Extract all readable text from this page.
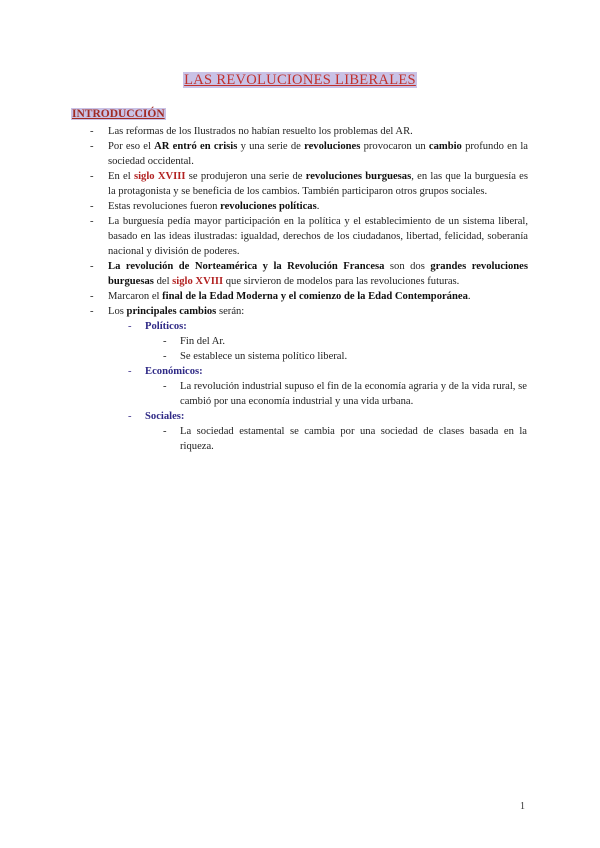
LAS REVOLUCIONES LIBERALES
INTRODUCCIÓN
- Las reformas de los Ilustrados no habían resuelto los problemas del AR.
- Por eso el AR entró en crisis y una serie de revoluciones provocaron un cambio profundo en la sociedad occidental.
- En el siglo XVIII se produjeron una serie de revoluciones burguesas, en las que la burguesía es la protagonista y se beneficia de los cambios. También participaron otros grupos sociales.
- Estas revoluciones fueron revoluciones políticas.
- La burguesía pedía mayor participación en la política y el establecimiento de un sistema liberal, basado en las ideas ilustradas: igualdad, derechos de los ciudadanos, libertad, felicidad, soberanía nacional y división de poderes.
- La revolución de Norteamérica y la Revolución Francesa son dos grandes revoluciones burguesas del siglo XVIII que sirvieron de modelos para las revoluciones futuras.
- Marcaron el final de la Edad Moderna y el comienzo de la Edad Contemporánea.
- Los principales cambios serán:
- Políticos:
- Fin del Ar.
- Se establece un sistema político liberal.
- Económicos:
- La revolución industrial supuso el fin de la economía agraria y de la vida rural, se cambió por una economía industrial y una vida urbana.
- Sociales:
- La sociedad estamental se cambia por una sociedad de clases basada en la riqueza.
1
